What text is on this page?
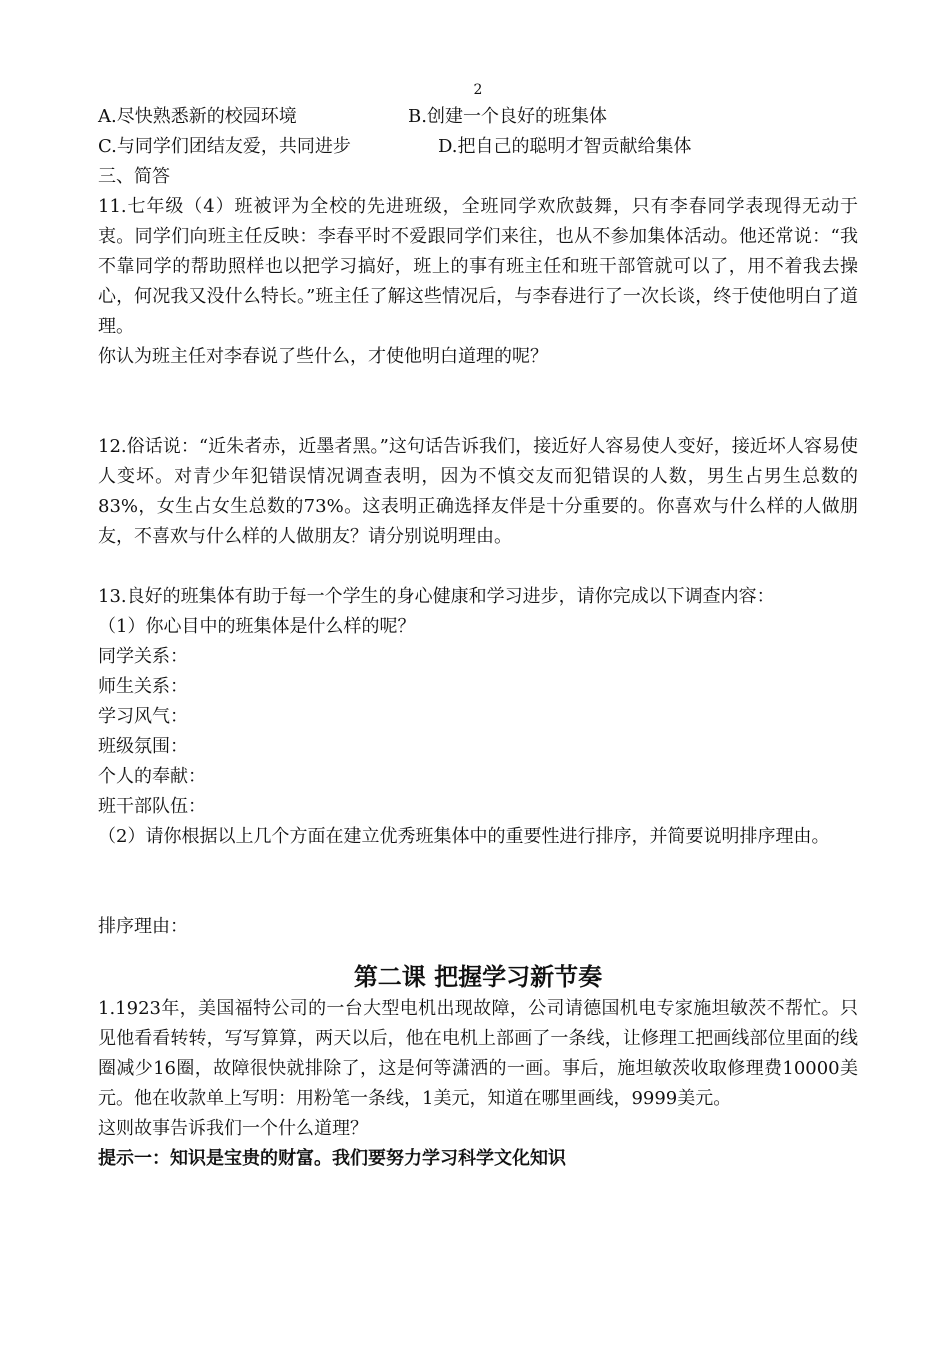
2
A.尽快熟悉新的校园环境	B.创建一个良好的班集体
C.与同学们团结友爱，共同进步	D.把自己的聪明才智贡献给集体
三、简答
11.七年级（4）班被评为全校的先进班级，全班同学欢欣鼓舞，只有李春同学表现得无动于衷。同学们向班主任反映：李春平时不爱跟同学们来往，也从不参加集体活动。他还常说：“我不靠同学的帮助照样也以把学习搞好，班上的事有班主任和班干部管就可以了，用不着我去操心，何况我又没什么特长。”班主任了解这些情况后，与李春进行了一次长谈，终于使他明白了道理。
你认为班主任对李春说了些什么，才使他明白道理的呢？
12.俗话说：“近朱者赤，近墨者黑。”这句话告诉我们，接近好人容易使人变好，接近坏人容易使人变坏。对青少年犯错误情况调查表明，因为不慎交友而犯错误的人数，男生占男生总数的83%，女生占女生总数的73%。这表明正确选择友伴是十分重要的。你喜欢与什么样的人做朋友，不喜欢与什么样的人做朋友？请分别说明理由。
13.良好的班集体有助于每一个学生的身心健康和学习进步，请你完成以下调查内容：
（1）你心目中的班集体是什么样的呢？
同学关系：
师生关系：
学习风气：
班级氛围：
个人的奉献：
班干部队伍：
（2）请你根据以上几个方面在建立优秀班集体中的重要性进行排序，并简要说明排序理由。
排序理由：
第二课 把握学习新节奏
1.1923年，美国福特公司的一台大型电机出现故障，公司请德国机电专家施坦敏茨不帮忙。只见他看看转转，写写算算，两天以后，他在电机上部画了一条线，让修理工把画线部位里面的线圈减少16圈，故障很快就排除了，这是何等潇洒的一画。事后，施坦敏茨收取修理费10000美元。他在收款单上写明：用粉笔一条线，1美元，知道在哪里画线，9999美元。
这则故事告诉我们一个什么道理？
提示一：知识是宝贵的财富。我们要努力学习科学文化知识
